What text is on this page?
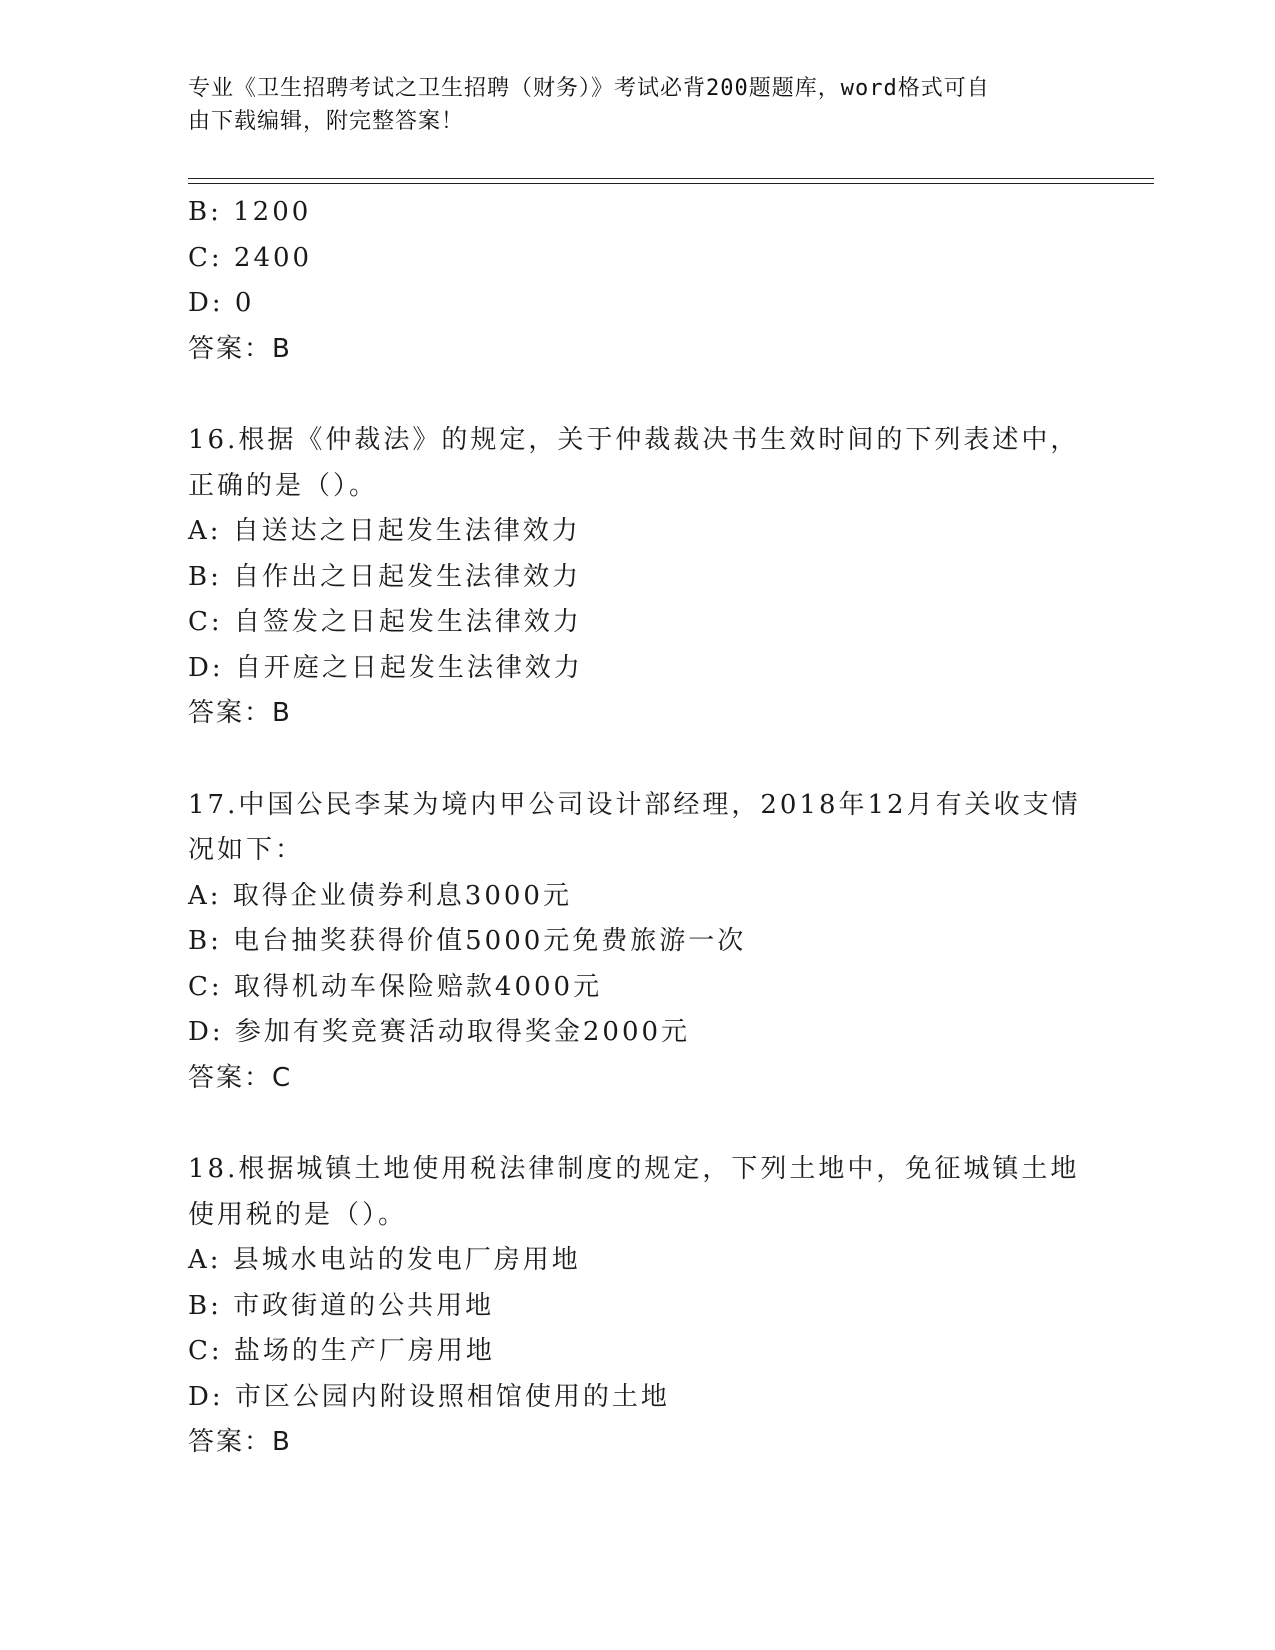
专业《卫生招聘考试之卫生招聘（财务）》考试必背200题题库，word格式可自
由下载编辑，附完整答案！
B: 1200
C: 2400
D: 0
答案：B
16.根据《仲裁法》的规定，关于仲裁裁决书生效时间的下列表述中，
正确的是（）。
A: 自送达之日起发生法律效力
B: 自作出之日起发生法律效力
C: 自签发之日起发生法律效力
D: 自开庭之日起发生法律效力
答案：B
17.中国公民李某为境内甲公司设计部经理，2018年12月有关收支情
况如下：
A: 取得企业债券利息3000元
B: 电台抽奖获得价值5000元免费旅游一次
C: 取得机动车保险赔款4000元
D: 参加有奖竞赛活动取得奖金2000元
答案：C
18.根据城镇土地使用税法律制度的规定，下列土地中，免征城镇土地
使用税的是（）。
A: 县城水电站的发电厂房用地
B: 市政街道的公共用地
C: 盐场的生产厂房用地
D: 市区公园内附设照相馆使用的土地
答案：B
